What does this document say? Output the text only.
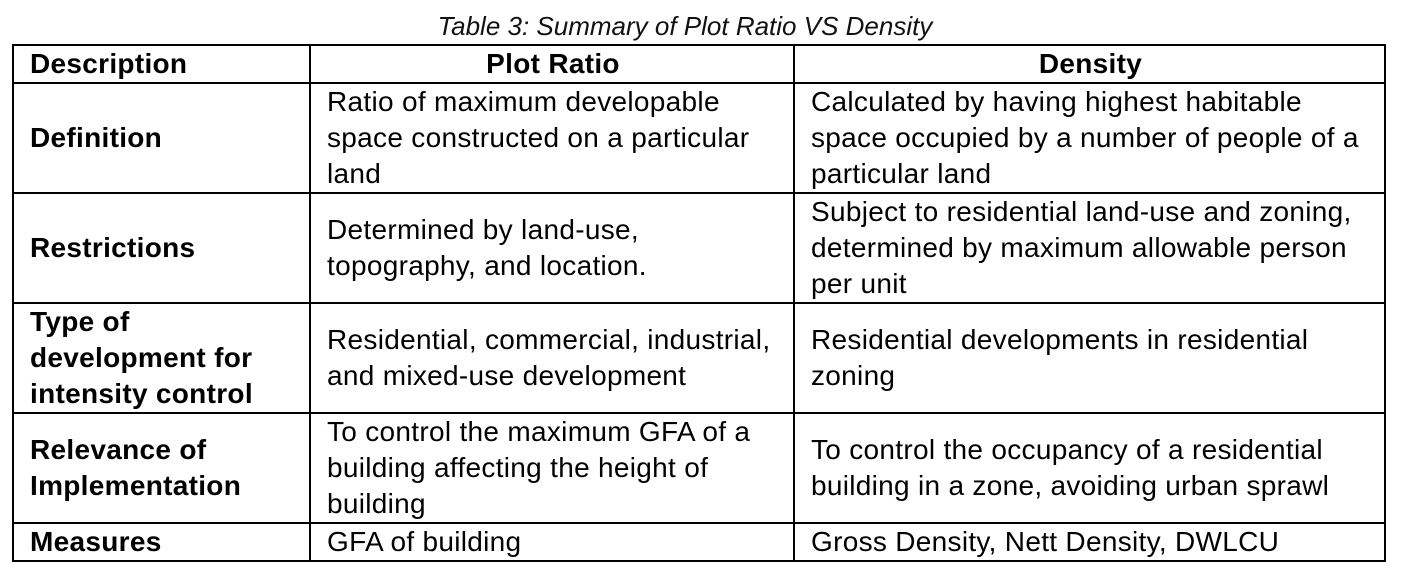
Table 3: Summary of Plot Ratio VS Density
Description	Plot Ratio	Density
Definition	Ratio of maximum developable space constructed on a particular land	Calculated by having highest habitable space occupied by a number of people of a particular land
Restrictions	Determined by land-use, topography, and location.	Subject to residential land-use and zoning, determined by maximum allowable person per unit
Type of development for intensity control	Residential, commercial, industrial, and mixed-use development	Residential developments in residential zoning
Relevance of Implementation	To control the maximum GFA of a building affecting the height of building	To control the occupancy of a residential building in a zone, avoiding urban sprawl
Measures	GFA of building	Gross Density, Nett Density, DWLCU
